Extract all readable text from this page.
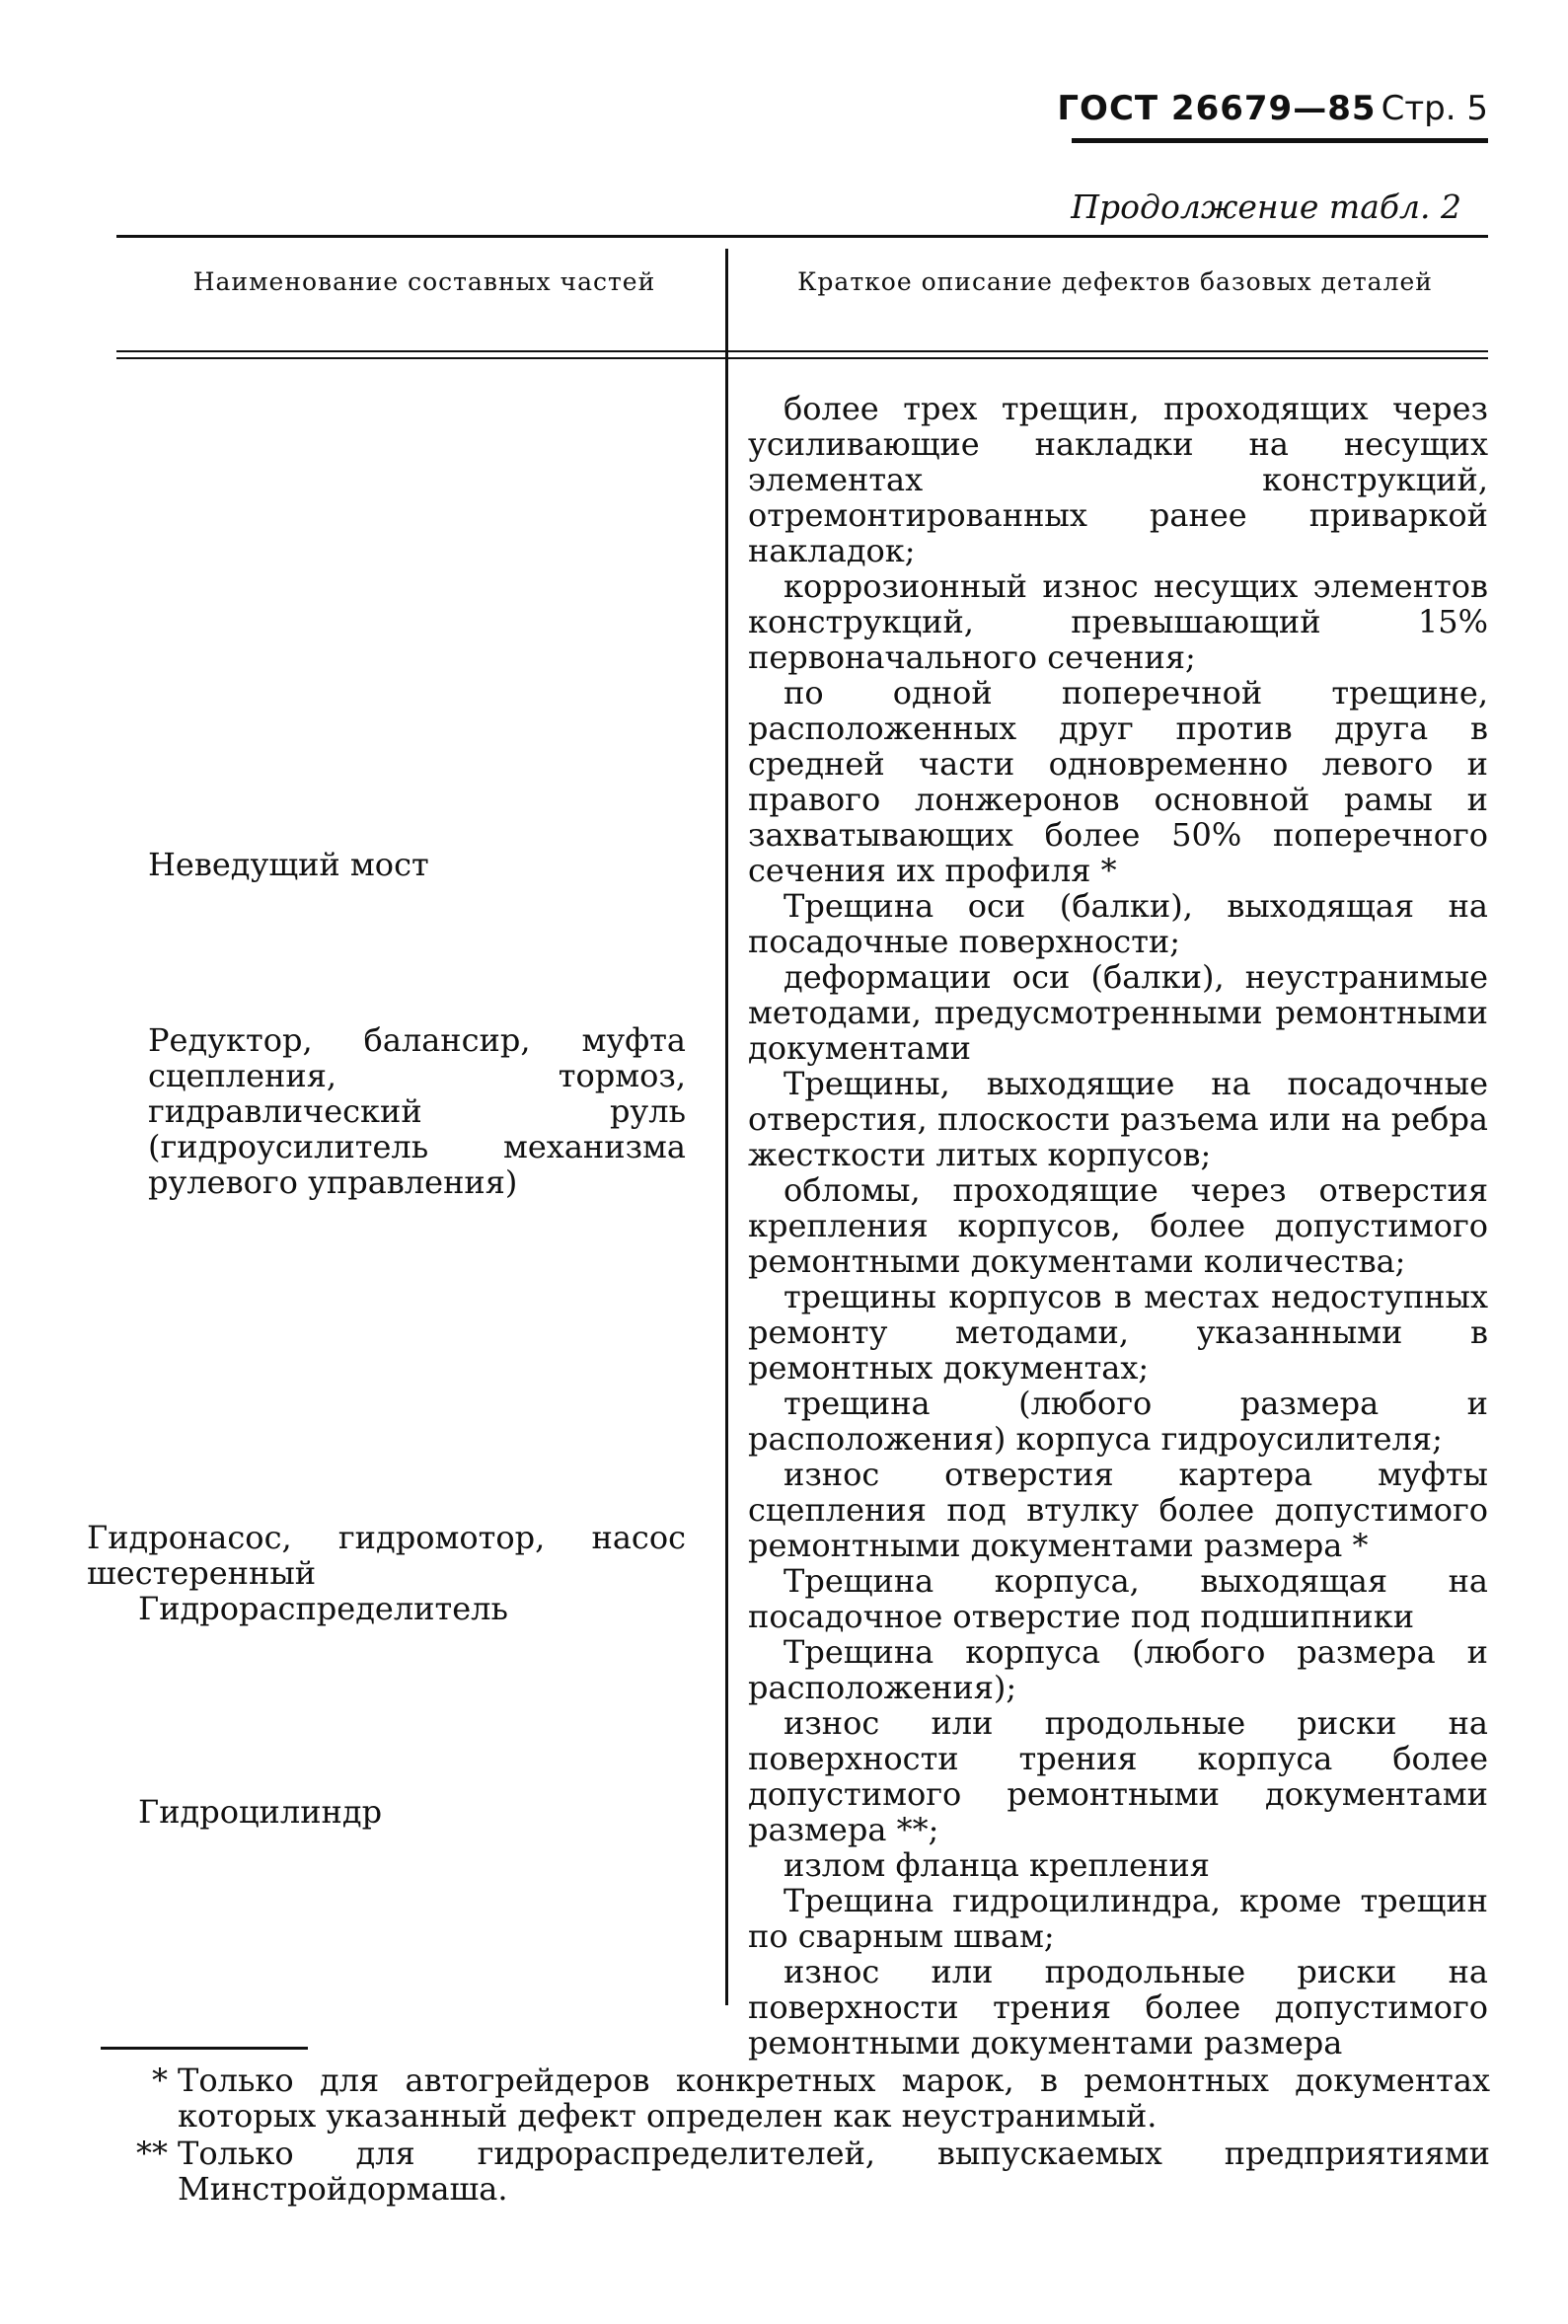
ГОСТ 26679—85 Стр. 5
Продолжение табл. 2
Наименование составных частей	Краткое описание дефектов базовых деталей
Неведущий мост
Редуктор, балансир, муфта сцепления, тормоз, гидравлический руль (гидроусилитель механизма рулевого управления)
Гидронасос, гидромотор, насос шестеренный
Гидрораспределитель
Гидроцилиндр

более трех трещин, проходящих через усиливающие накладки на несущих элементах конструкций, отремонтированных ранее приваркой накладок;

коррозионный износ несущих элементов конструкций, превышающий 15% первоначального сечения;

по одной поперечной трещине, расположенных друг против друга в средней части одновременно левого и правого лонжеронов основной рамы и захватывающих более 50% поперечного сечения их профиля *

Трещина оси (балки), выходящая на посадочные поверхности;

деформации оси (балки), неустранимые методами, предусмотренными ремонтными документами

Трещины, выходящие на посадочные отверстия, плоскости разъема или на ребра жесткости литых корпусов;

обломы, проходящие через отверстия крепления корпусов, более допустимого ремонтными документами количества;

трещины корпусов в местах недоступных ремонту методами, указанными в ремонтных документах;

трещина (любого размера и расположения) корпуса гидроусилителя;

износ отверстия картера муфты сцепления под втулку более допустимого ремонтными документами размера *

Трещина корпуса, выходящая на посадочное отверстие под подшипники

Трещина корпуса (любого размера и расположения);

износ или продольные риски на поверхности трения корпуса более допустимого ремонтными документами размера **;

излом фланца крепления

Трещина гидроцилиндра, кроме трещин по сварным швам;

износ или продольные риски на поверхности трения более допустимого ремонтными документами размера

* Только для автогрейдеров конкретных марок, в ремонтных документах которых указанный дефект определен как неустранимый.
** Только для гидрораспределителей, выпускаемых предприятиями Минстройдормаша.
